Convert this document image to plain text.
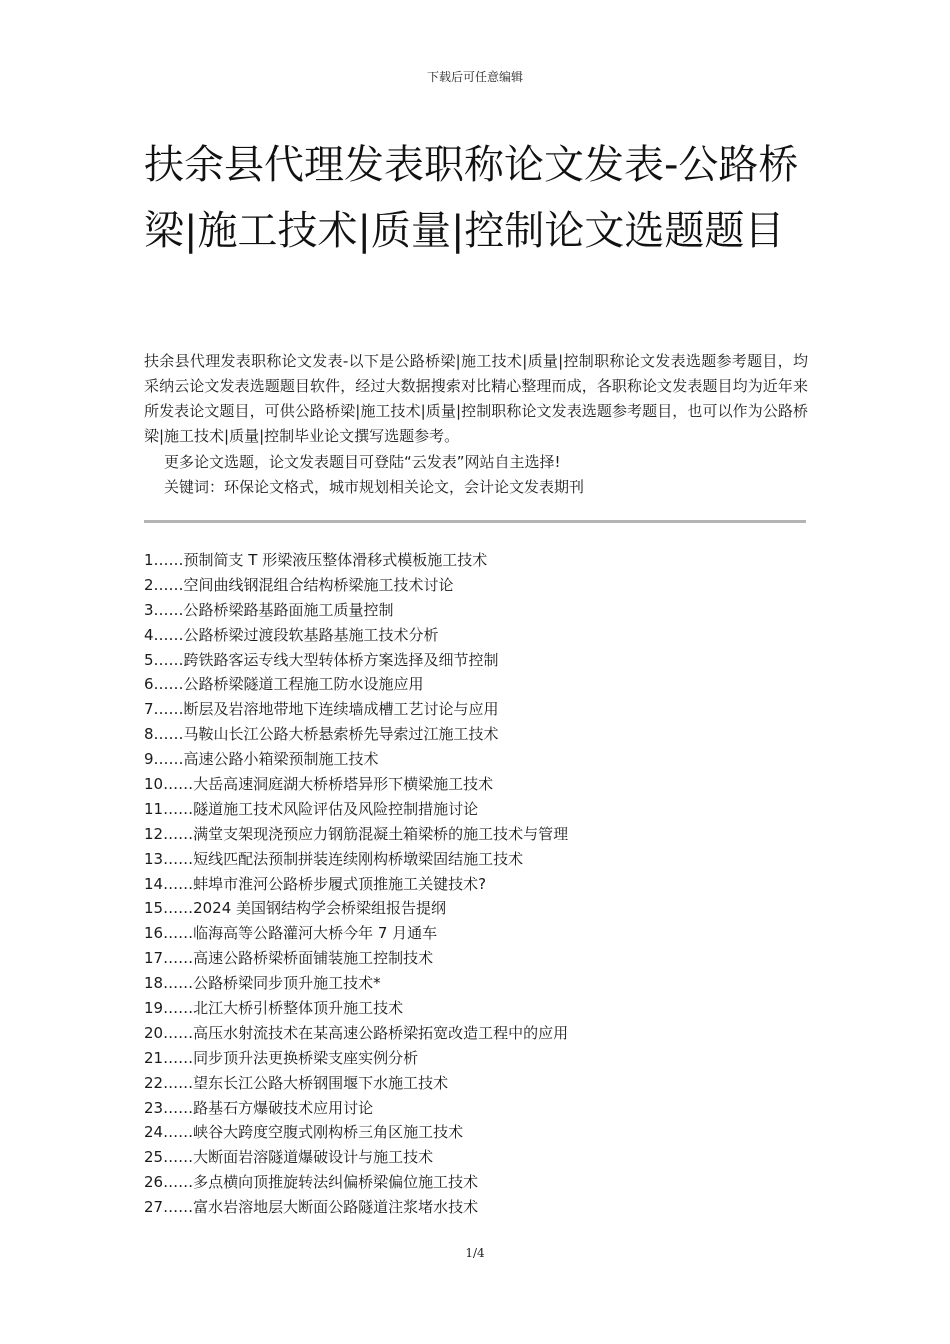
下载后可任意编辑
扶余县代理发表职称论文发表-公路桥梁|施工技术|质量|控制论文选题题目

扶余县代理发表职称论文发表-以下是公路桥梁|施工技术|质量|控制职称论文发表选题参考题目，均采纳云论文发表选题题目软件，经过大数据搜索对比精心整理而成，各职称论文发表题目均为近年来所发表论文题目，可供公路桥梁|施工技术|质量|控制职称论文发表选题参考题目，也可以作为公路桥梁|施工技术|质量|控制毕业论文撰写选题参考。

更多论文选题，论文发表题目可登陆“云发表”网站自主选择!

关键词：环保论文格式，城市规划相关论文，会计论文发表期刊

1……预制简支 T 形梁液压整体滑移式模板施工技术
2……空间曲线钢混组合结构桥梁施工技术讨论
3……公路桥梁路基路面施工质量控制
4……公路桥梁过渡段软基路基施工技术分析
5……跨铁路客运专线大型转体桥方案选择及细节控制
6……公路桥梁隧道工程施工防水设施应用
7……断层及岩溶地带地下连续墙成槽工艺讨论与应用
8……马鞍山长江公路大桥悬索桥先导索过江施工技术
9……高速公路小箱梁预制施工技术
10……大岳高速洞庭湖大桥桥塔异形下横梁施工技术
11……隧道施工技术风险评估及风险控制措施讨论
12……满堂支架现浇预应力钢筋混凝土箱梁桥的施工技术与管理
13……短线匹配法预制拼装连续刚构桥墩梁固结施工技术
14……蚌埠市淮河公路桥步履式顶推施工关键技术?
15……2024 美国钢结构学会桥梁组报告提纲
16……临海高等公路灌河大桥今年 7 月通车
17……高速公路桥梁桥面铺装施工控制技术
18……公路桥梁同步顶升施工技术*
19……北江大桥引桥整体顶升施工技术
20……高压水射流技术在某高速公路桥梁拓宽改造工程中的应用
21……同步顶升法更换桥梁支座实例分析
22……望东长江公路大桥钢围堰下水施工技术
23……路基石方爆破技术应用讨论
24……峡谷大跨度空腹式刚构桥三角区施工技术
25……大断面岩溶隧道爆破设计与施工技术
26……多点横向顶推旋转法纠偏桥梁偏位施工技术
27……富水岩溶地层大断面公路隧道注浆堵水技术
1/4
